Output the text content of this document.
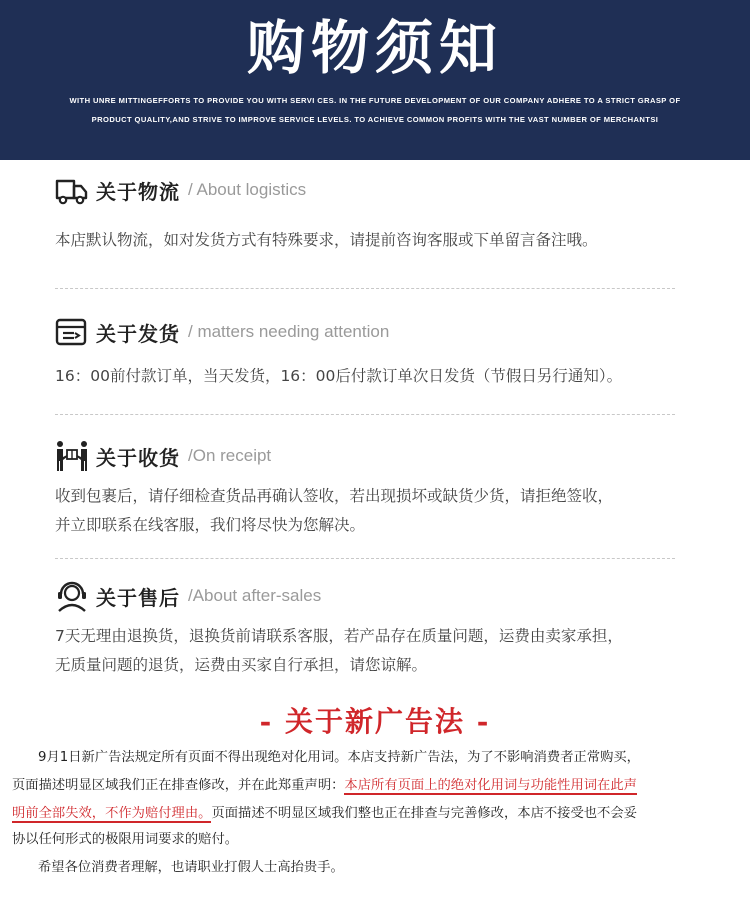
购物须知
WITH UNRE MITTINGEFFORTS TO PROVIDE YOU WITH SERVI CES. IN THE FUTURE DEVELOPMENT OF OUR COMPANY ADHERE TO A STRICT GRASP OF
PRODUCT QUALITY,AND STRIVE TO IMPROVE SERVICE LEVELS. TO ACHIEVE COMMON PROFITS WITH THE VAST NUMBER OF MERCHANTSI
关于物流 / About logistics
本店默认物流，如对发货方式有特殊要求，请提前咨询客服或下单留言备注哦。
关于发货 / matters needing attention
16：00前付款订单，当天发货，16：00后付款订单次日发货（节假日另行通知）。
关于收货 /On receipt
收到包裹后，请仔细检查货品再确认签收，若出现损坏或缺货少货，请拒绝签收，
并立即联系在线客服，我们将尽快为您解决。
关于售后 /About after-sales
7天无理由退换货，退换货前请联系客服，若产品存在质量问题，运费由卖家承担，
无质量问题的退货，运费由买家自行承担，请您谅解。
- 关于新广告法 -
9月1日新广告法规定所有页面不得出现绝对化用词。本店支持新广告法，为了不影响消费者正常购买，
页面描述明显区域我们正在排查修改，并在此郑重声明：本店所有页面上的绝对化用词与功能性用词在此声
明前全部失效，不作为赔付理由。页面描述不明显区域我们整也正在排查与完善修改，本店不接受也不会妥
协以任何形式的极限用词要求的赔付。
希望各位消费者理解，也请职业打假人士高抬贵手。
